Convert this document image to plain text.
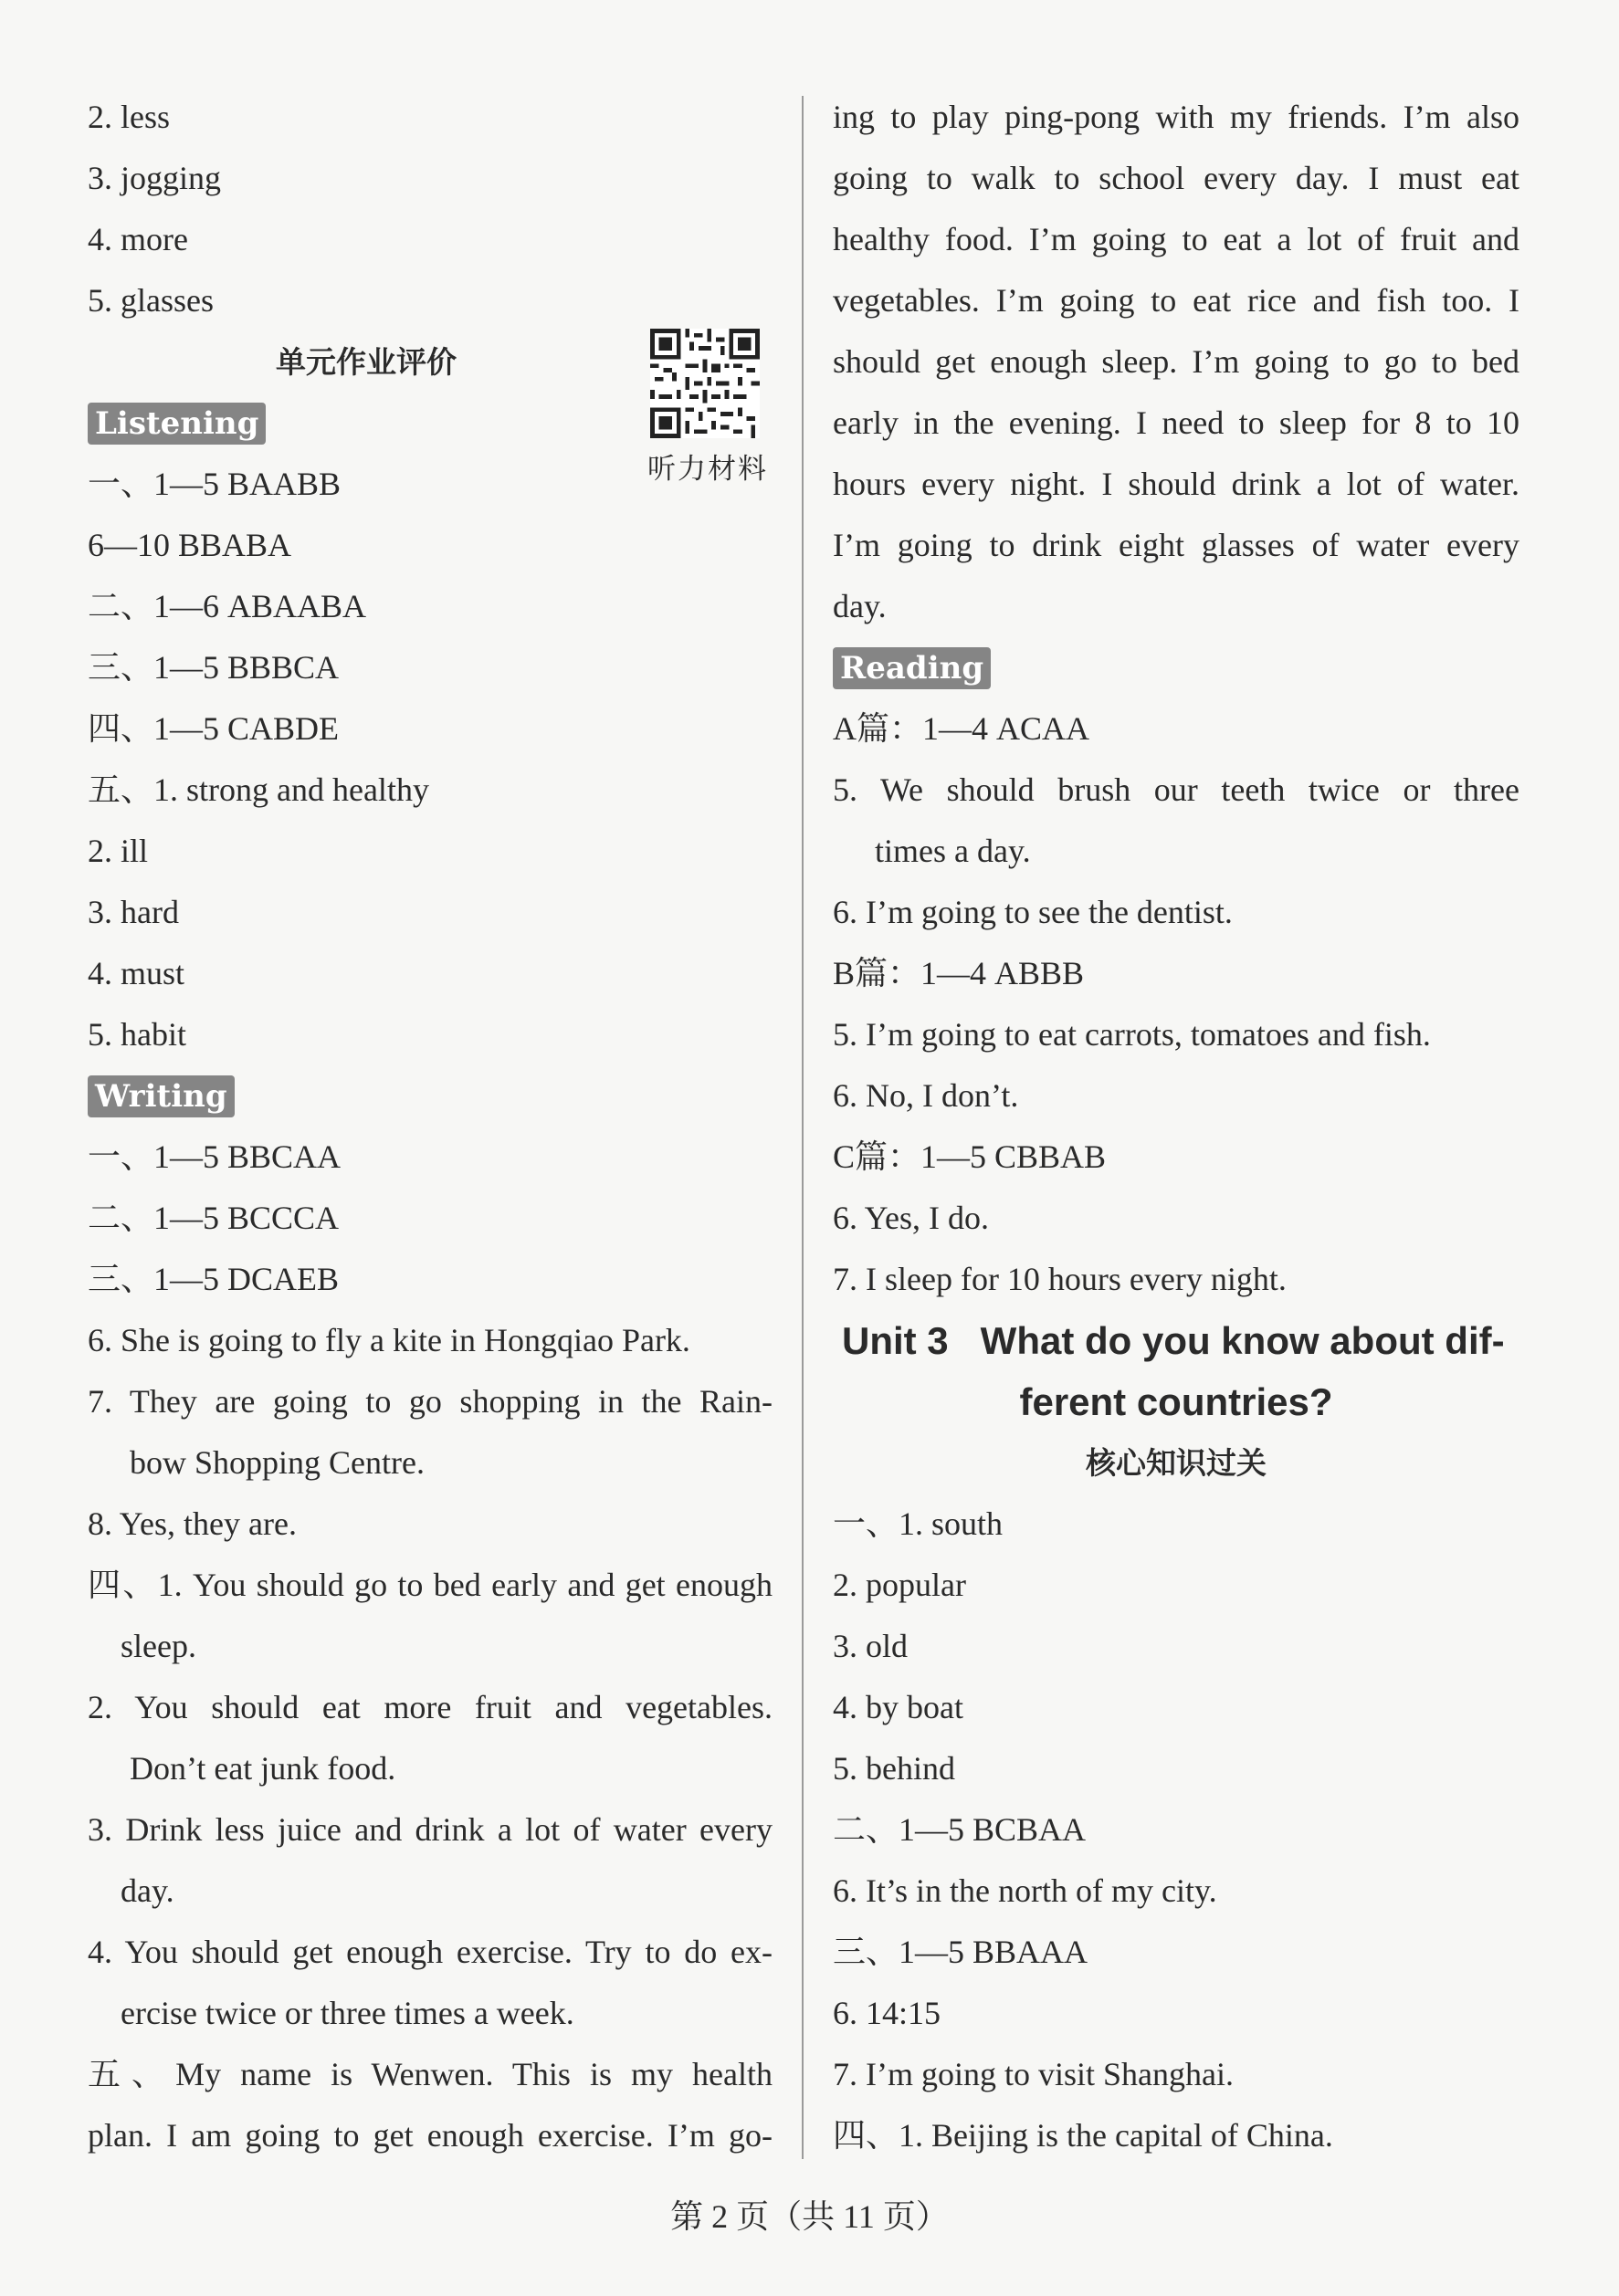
2. less
3. jogging
4. more
5. glasses
单元作业评价
Listening
一、1—5 BAABB
6—10 BBABA
二、1—6 ABAABA
三、1—5 BBBCA
四、1—5 CABDE
五、1. strong and healthy
2. ill
3. hard
4. must
5. habit
Writing
一、1—5 BBCAA
二、1—5 BCCCA
三、1—5 DCAEB
6. She is going to fly a kite in Hongqiao Park.
7. They are going to go shopping in the Rain-
bow Shopping Centre.
8. Yes, they are.
四、1. You should go to bed early and get enough
sleep.
2. You should eat more fruit and vegetables.
Don’t eat junk food.
3. Drink less juice and drink a lot of water every
day.
4. You should get enough exercise. Try to do ex-
ercise twice or three times a week.
五、My name is Wenwen. This is my health
plan. I am going to get enough exercise. I’m go-
听力材料
ing to play ping-pong with my friends. I’m also
going to walk to school every day. I must eat
healthy food. I’m going to eat a lot of fruit and
vegetables. I’m going to eat rice and fish too. I
should get enough sleep. I’m going to go to bed
early in the evening. I need to sleep for 8 to 10
hours every night. I should drink a lot of water.
I’m going to drink eight glasses of water every
day.
Reading
A篇：1—4 ACAA
5. We should brush our teeth twice or three
times a day.
6. I’m going to see the dentist.
B篇：1—4 ABBB
5. I’m going to eat carrots, tomatoes and fish.
6. No, I don’t.
C篇：1—5 CBBAB
6. Yes, I do.
7. I sleep for 10 hours every night.
Unit 3   What do you know about dif-
ferent countries?
核心知识过关
一、1. south
2. popular
3. old
4. by boat
5. behind
二、1—5 BCBAA
6. It’s in the north of my city.
三、1—5 BBAAA
6. 14:15
7. I’m going to visit Shanghai.
四、1. Beijing is the capital of China.
第 2 页（共 11 页）
